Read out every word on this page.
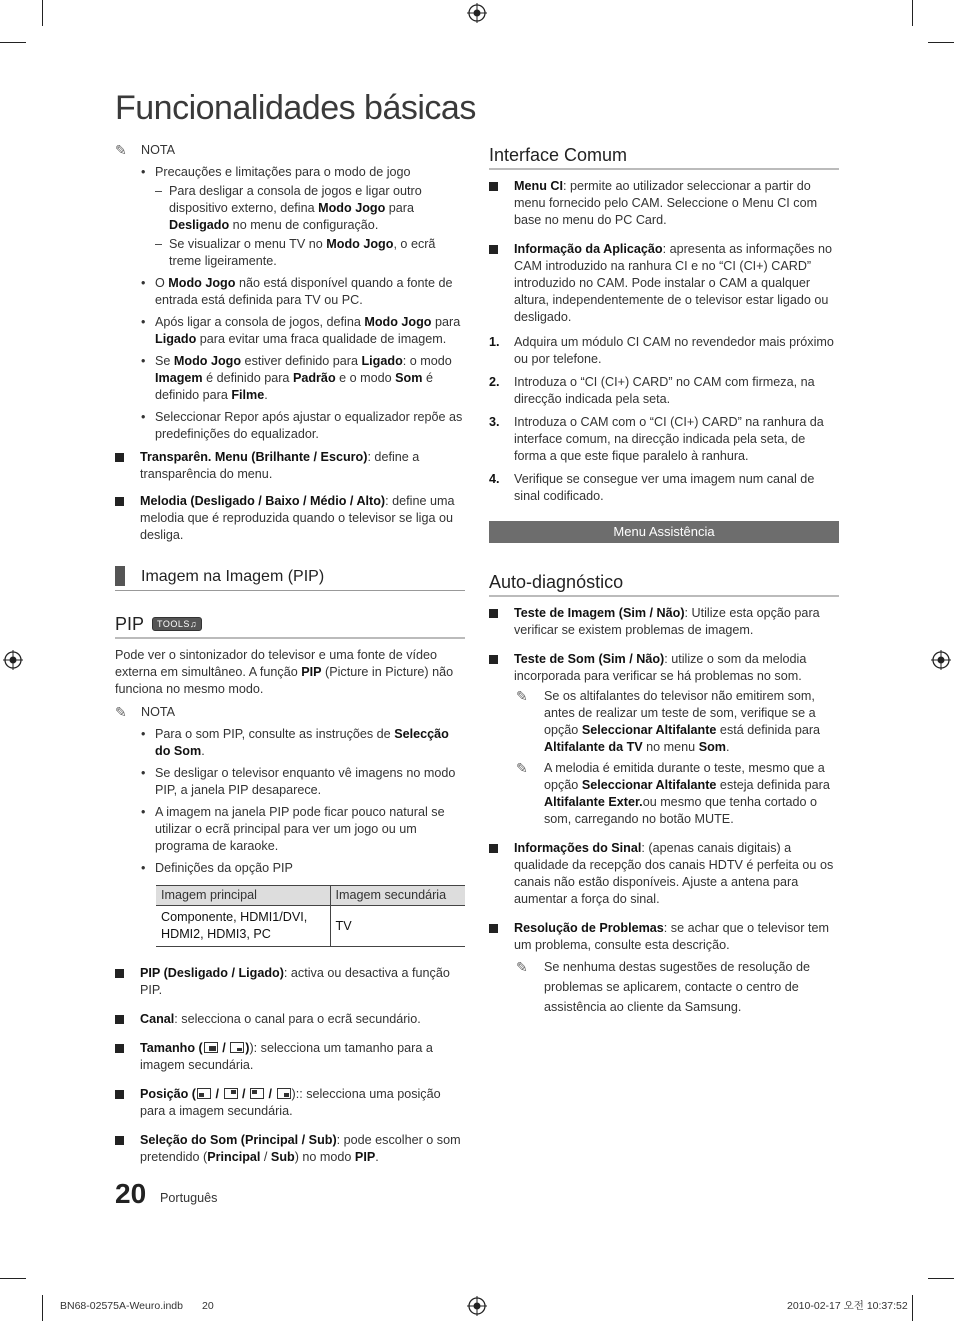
Funcionalidades básicas
✎	NOTA
• Precauções e limitações para o modo de jogo
– Para desligar a consola de jogos e ligar outro dispositivo externo, defina Modo Jogo para Desligado no menu de configuração.
– Se visualizar o menu TV no Modo Jogo, o ecrã treme ligeiramente.
• O Modo Jogo não está disponível quando a fonte de entrada está definida para TV ou PC.
• Após ligar a consola de jogos, defina Modo Jogo para Ligado para evitar uma fraca qualidade de imagem.
• Se Modo Jogo estiver definido para Ligado: o modo Imagem é definido para Padrão e o modo Som é definido para Filme.
• Seleccionar Repor após ajustar o equalizador repõe as predefinições do equalizador.
Transparên. Menu (Brilhante / Escuro): define a transparência do menu.
Melodia (Desligado / Baixo / Médio / Alto): define uma melodia que é reproduzida quando o televisor se liga ou desliga.
Imagem na Imagem (PIP)
PIP	TOOLS♫
Pode ver o sintonizador do televisor e uma fonte de vídeo externa em simultâneo. A função PIP (Picture in Picture) não funciona no mesmo modo.
✎	NOTA
• Para o som PIP, consulte as instruções de Selecção do Som.
• Se desligar o televisor enquanto vê imagens no modo PIP, a janela PIP desaparece.
• A imagem na janela PIP pode ficar pouco natural se utilizar o ecrã principal para ver um jogo ou um programa de karaoke.
• Definições da opção PIP
Imagem principal	Imagem secundária
Componente, HDMI1/DVI, HDMI2, HDMI3, PC	TV
PIP (Desligado / Ligado): activa ou desactiva a função PIP.
Canal: selecciona o canal para o ecrã secundário.
Tamanho (
/
)): selecciona um tamanho para a imagem secundária.
Posição (
/
/
/
):: selecciona uma posição para a imagem secundária.
Seleção do Som (Principal / Sub): pode escolher o som pretendido (Principal / Sub) no modo PIP.
Interface Comum
Menu CI: permite ao utilizador seleccionar a partir do menu fornecido pelo CAM. Seleccione o Menu CI com base no menu do PC Card.
Informação da Aplicação: apresenta as informações no CAM introduzido na ranhura CI e no “CI (CI+) CARD” introduzido no CAM. Pode instalar o CAM a qualquer altura, independentemente de o televisor estar ligado ou desligado.
1. Adquira um módulo CI CAM no revendedor mais próximo ou por telefone.
2. Introduza o “CI (CI+) CARD” no CAM com firmeza, na direcção indicada pela seta.
3. Introduza o CAM com o “CI (CI+) CARD” na ranhura da interface comum, na direcção indicada pela seta, de forma a que este fique paralelo à ranhura.
4. Verifique se consegue ver uma imagem num canal de sinal codificado.
Menu Assistência
Auto-diagnóstico
Teste de Imagem (Sim / Não): Utilize esta opção para verificar se existem problemas de imagem.
Teste de Som (Sim / Não): utilize o som da melodia incorporada para verificar se há problemas no som.
✎ Se os altifalantes do televisor não emitirem som, antes de realizar um teste de som, verifique se a opção Seleccionar Altifalante está definida para Altifalante da TV no menu Som.
✎ A melodia é emitida durante o teste, mesmo que a opção Seleccionar Altifalante esteja definida para Altifalante Exter.ou mesmo que tenha cortado o som, carregando no botão MUTE.
Informações do Sinal: (apenas canais digitais) a qualidade da recepção dos canais HDTV é perfeita ou os canais não estão disponíveis. Ajuste a antena para aumentar a força do sinal.
Resolução de Problemas: se achar que o televisor tem um problema, consulte esta descrição.
✎ Se nenhuma destas sugestões de resolução de problemas se aplicarem, contacte o centro de assistência ao cliente da Samsung.
20 Português
BN68-02575A-Weuro.indb 20	2010-02-17 오전 10:37:52
